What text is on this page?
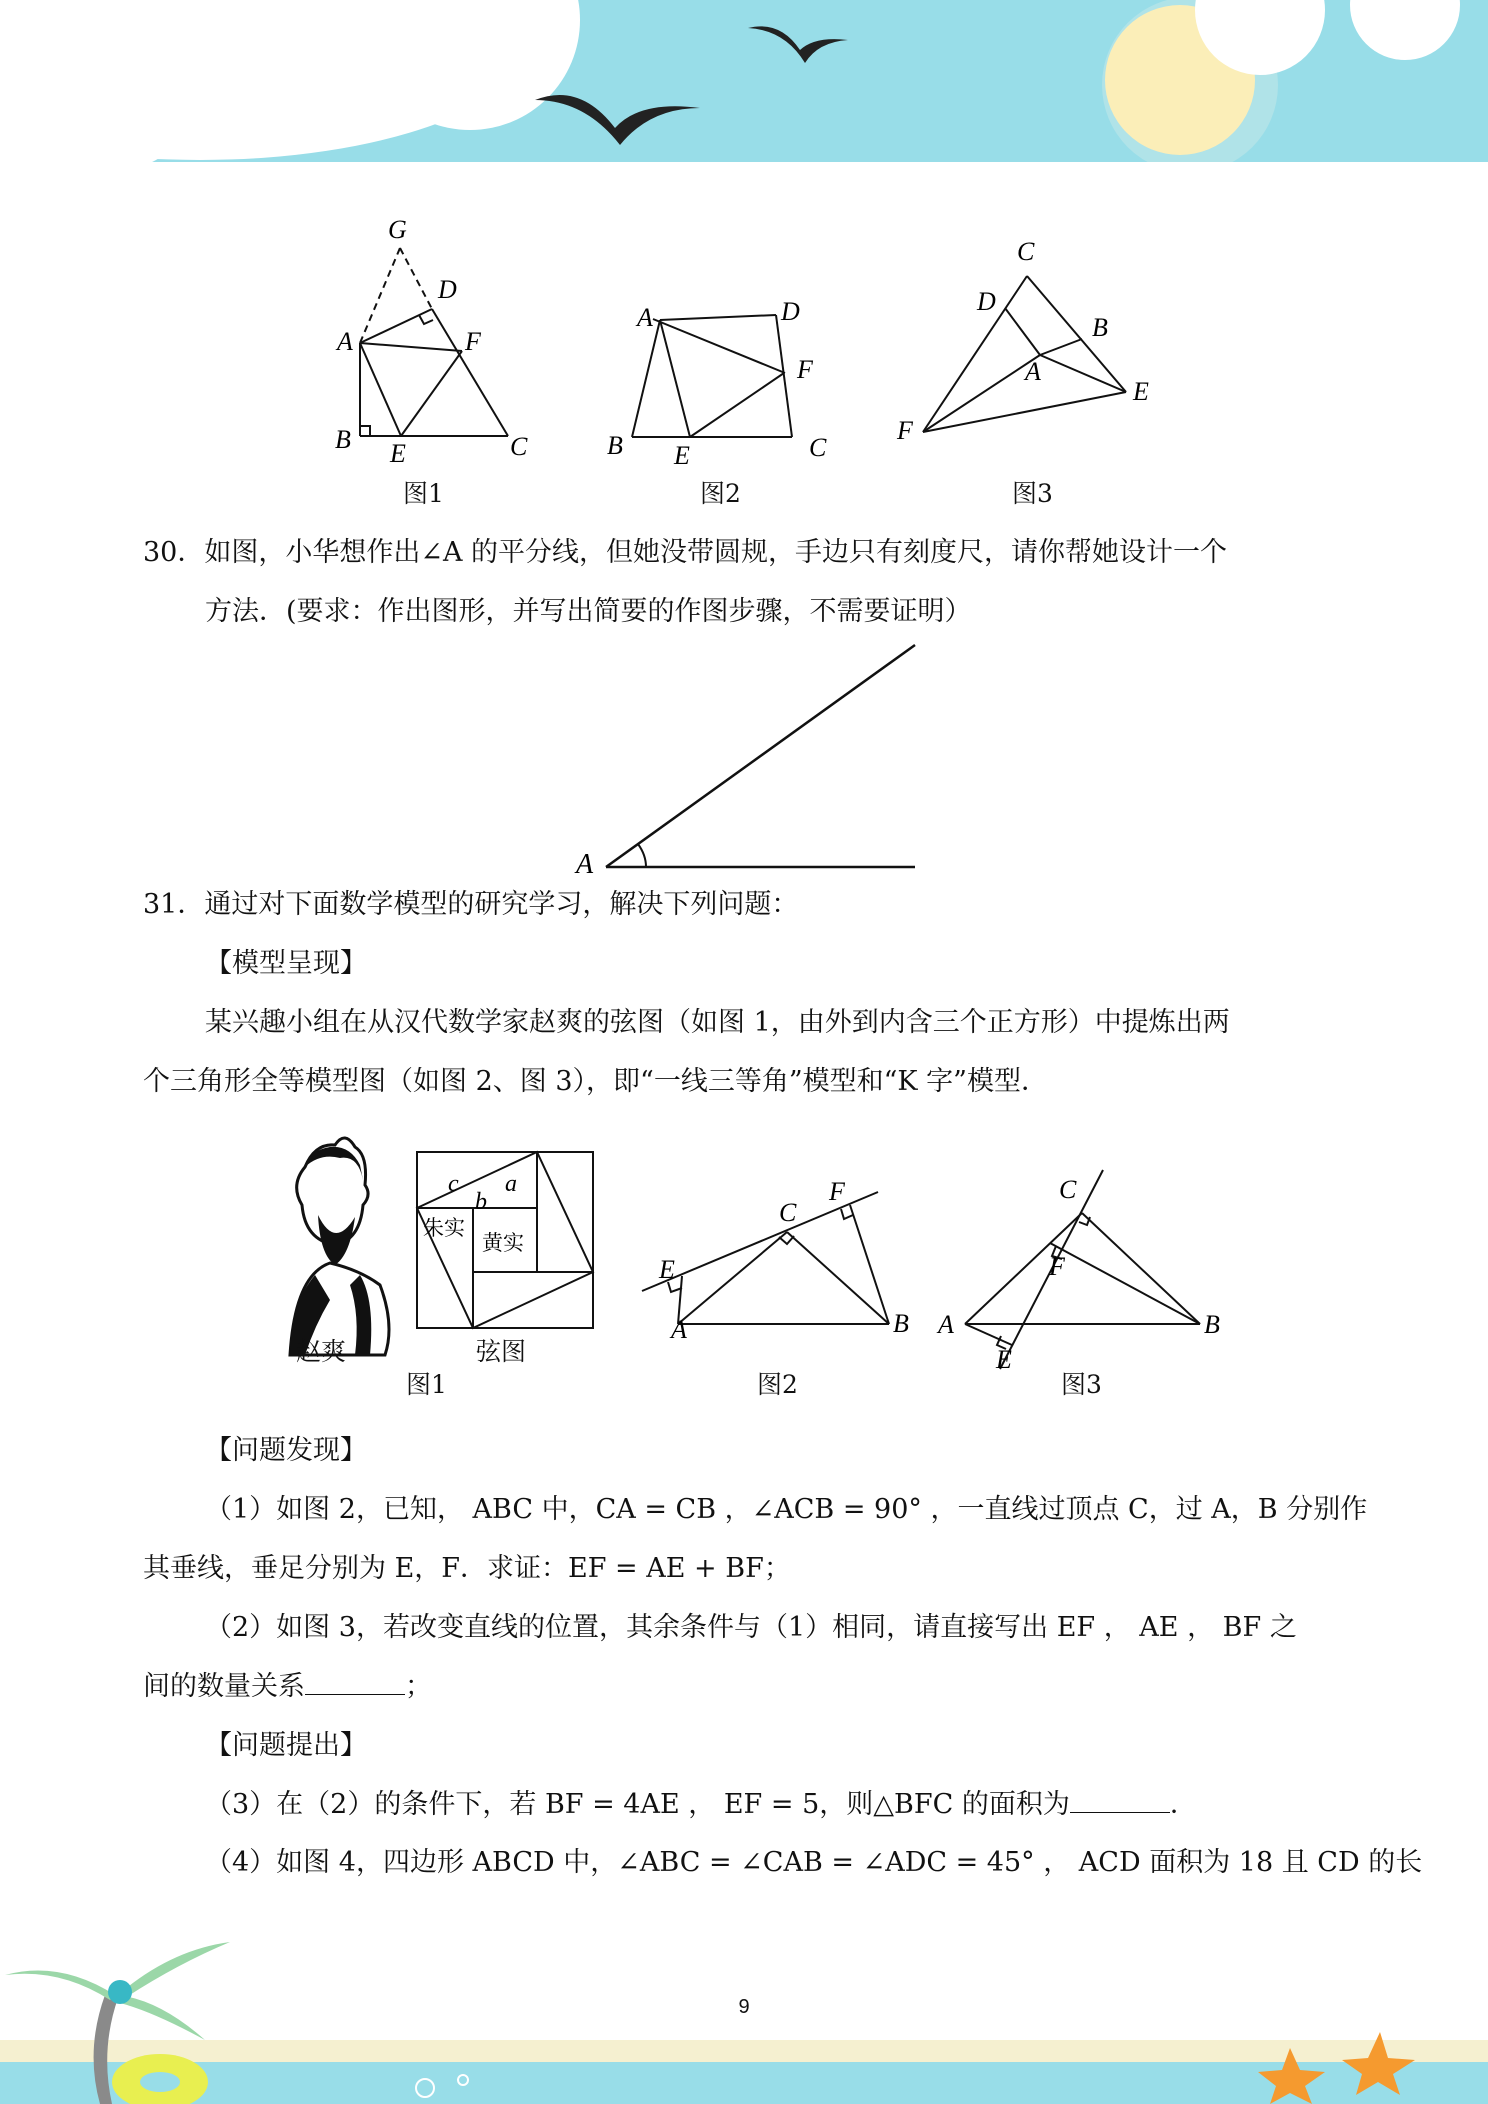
G
D
A	F
B E	C
A	D
F
B E	C
C
D
B
A
E
F
图1	图2	图3
30．如图，小华想作出∠A 的平分线，但她没带圆规，手边只有刻度尺，请你帮她设计一个
方法．(要求：作出图形，并写出简要的作图步骤，不需要证明）
A
31．通过对下面数学模型的研究学习，解决下列问题：
【模型呈现】
某兴趣小组在从汉代数学家赵爽的弦图（如图 1，由外到内含三个正方形）中提炼出两
个三角形全等模型图（如图 2、图 3），即“一线三等角”模型和“K 字”模型．
c
b
a
朱实
黄实
E
C
F
A	B
C
F
A	B
E
赵爽	弦图
图1	图2	图3
【问题发现】
（1）如图 2，已知， ABC 中，CA = CB ，∠ACB = 90° ，一直线过顶点 C，过 A，B 分别作
其垂线，垂足分别为 E，F．求证：EF = AE + BF；
（2）如图 3，若改变直线的位置，其余条件与（1）相同，请直接写出 EF ， AE ， BF 之
间的数量关系	；
【问题提出】
（3）在（2）的条件下，若 BF = 4AE ， EF = 5，则△BFC 的面积为	．
（4）如图 4，四边形 ABCD 中，∠ABC = ∠CAB = ∠ADC = 45° ， ACD 面积为 18 且 CD 的长
9
